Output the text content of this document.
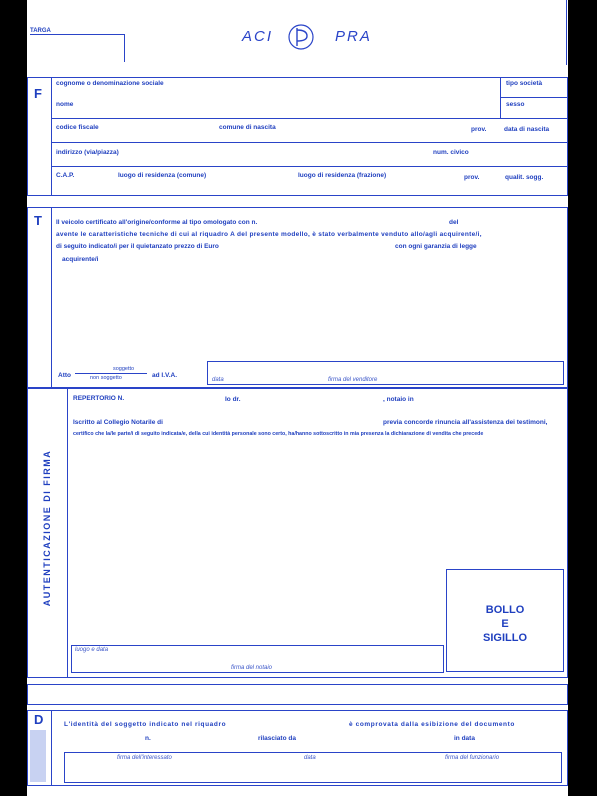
TARGA	ACI	PRA
F
cognome o denominazione sociale	tipo società
nome	sesso
codice fiscale	comune di nascita	prov.	data di nascita
indirizzo (via/piazza)	num. civico
C.A.P.	luogo di residenza (comune)	luogo di residenza (frazione)	prov.	qualit. sogg.
T Il veicolo certificato all'origine/conforme al tipo omologato con n.	del
avente le caratteristiche tecniche di cui al riquadro A del presente modello, è stato verbalmente venduto allo/agli acquirente/i,
di seguito indicato/i per il quietanzato prezzo di Euro	con ogni garanzia di legge
acquirente/i
Atto
soggetto
non soggetto	ad I.V.A.
data	firma del venditore
AUTENTICAZIONE DI FIRMA
REPERTORIO N.	Io dr.	, notaio in
Iscritto al Collegio Notarile di	previa concorde rinuncia all'assistenza dei testimoni,
certifico che la/le parte/i di seguito indicata/e, della cui identità personale sono certo, ha/hanno sottoscritto in mia presenza la dichiarazione di vendita che precede
luogo e data
firma del notaio
BOLLO
E
SIGILLO
D	L'identità del soggetto indicato nel riquadro	è comprovata dalla esibizione del documento
n.	rilasciato da	in data
firma dell'interessato	data	firma del funzionario
